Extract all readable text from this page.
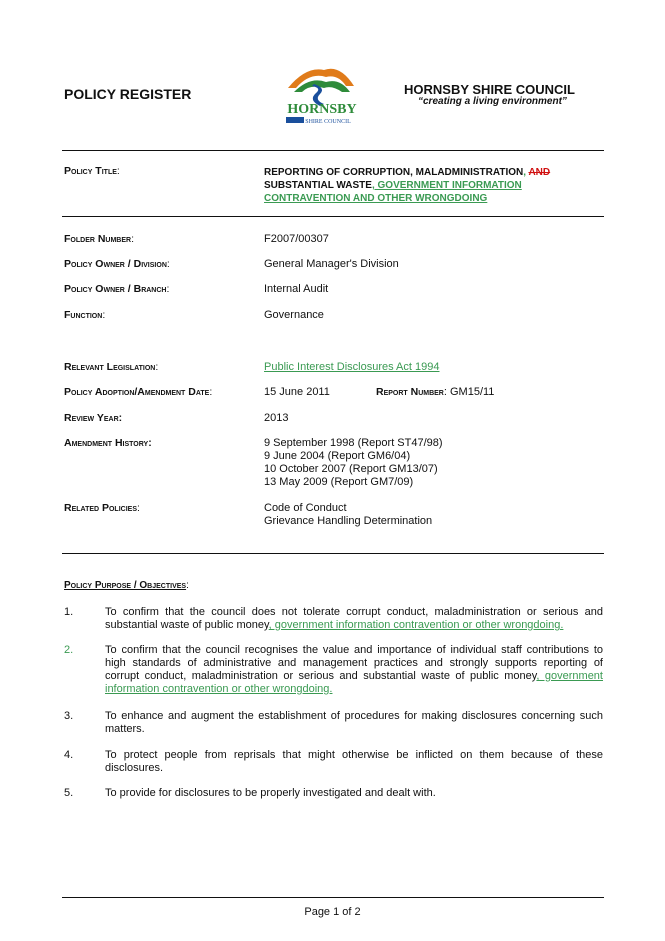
POLICY REGISTER
HORNSBY
SHIRE COUNCIL
HORNSBY SHIRE COUNCIL
“creating a living environment”
Policy Title:	REPORTING OF CORRUPTION, MALADMINISTRATION, AND
SUBSTANTIAL WASTE, GOVERNMENT INFORMATION
CONTRAVENTION AND OTHER WRONGDOING
Folder Number:	F2007/00307
Policy Owner / Division:	General Manager's Division
Policy Owner / Branch:	Internal Audit
Function:	Governance
Relevant Legislation:	Public Interest Disclosures Act 1994
Policy Adoption/Amendment Date:	15 June 2011	Report Number: GM15/11
Review Year:	2013
Amendment History:	9 September 1998 (Report ST47/98)
9 June 2004 (Report GM6/04)
10 October 2007 (Report GM13/07)
13 May 2009 (Report GM7/09)
Related Policies:	Code of Conduct
Grievance Handling Determination
Policy Purpose / Objectives:
1.	To confirm that the council does not tolerate corrupt conduct, maladministration or serious and
substantial waste of public money, government information contravention or other wrongdoing.
2.	To confirm that the council recognises the value and importance of individual staff contributions to
high standards of administrative and management practices and strongly supports reporting of
corrupt conduct, maladministration or serious and substantial waste of public money, government
information contravention or other wrongdoing.
3.	To enhance and augment the establishment of procedures for making disclosures concerning such
matters.
4.	To protect people from reprisals that might otherwise be inflicted on them because of these
disclosures.
5.	To provide for disclosures to be properly investigated and dealt with.
Page 1 of 2
